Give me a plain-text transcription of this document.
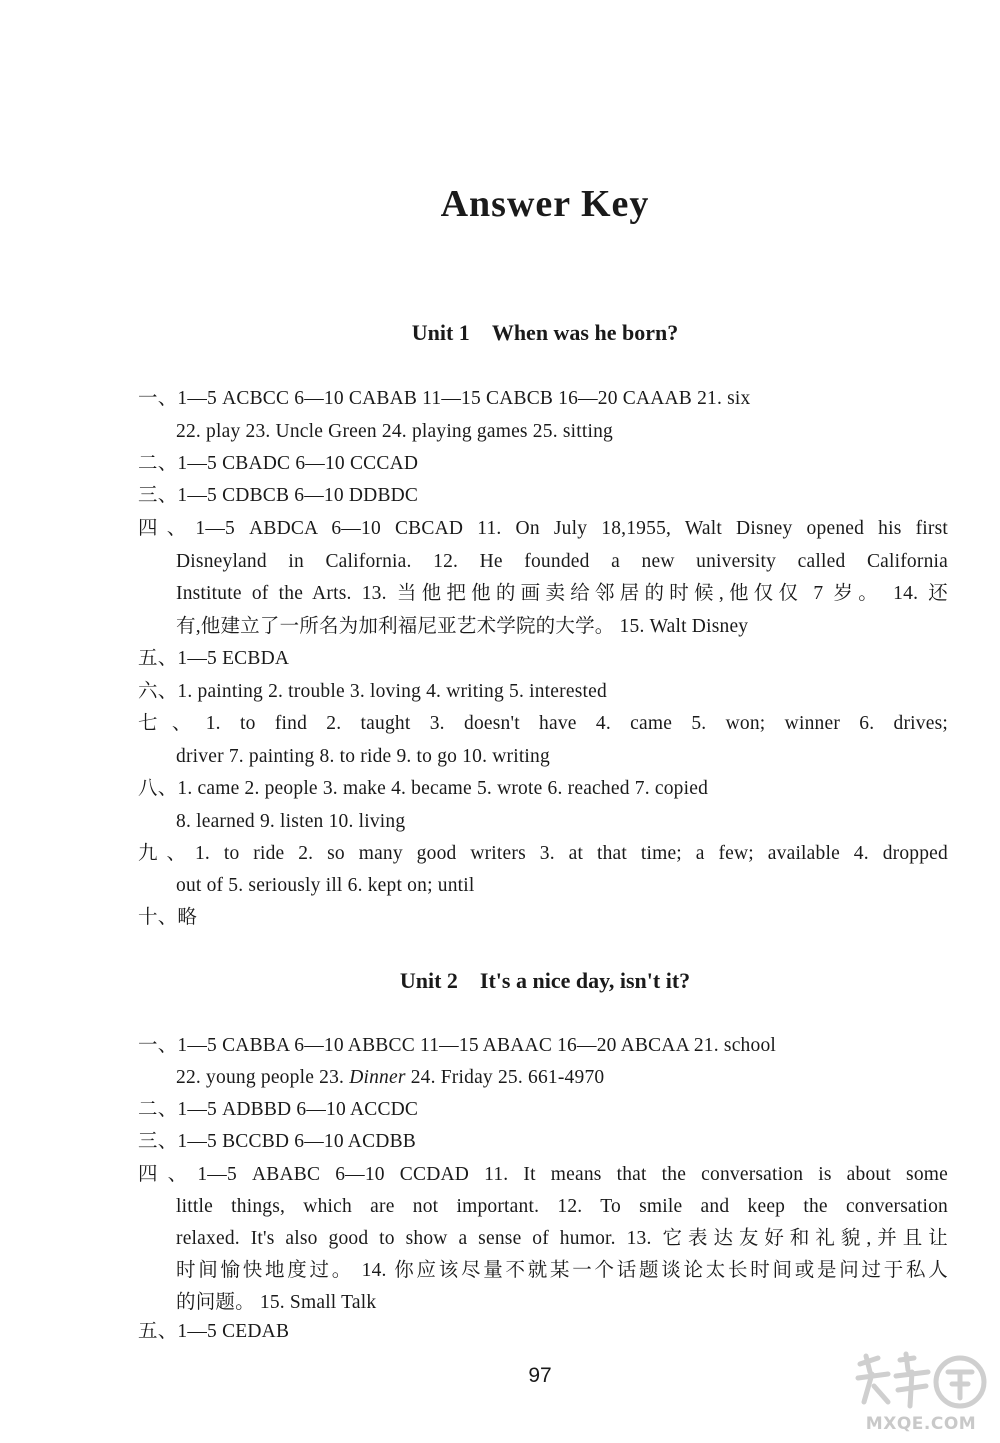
Answer Key
Unit 1 When was he born?
一、1—5 ACBCC 6—10 CABAB 11—15 CABCB 16—20 CAAAB 21. six
22. play 23. Uncle Green 24. playing games 25. sitting
二、1—5 CBADC 6—10 CCCAD
三、1—5 CDBCB 6—10 DDBDC
四、1—5 ABDCA 6—10 CBCAD 11. On July 18,1955, Walt Disney opened his first
Disneyland in California. 12. He founded a new university called California
Institute of the Arts. 13. 当他把他的画卖给邻居的时候,他仅仅 7 岁。 14. 还
有,他建立了一所名为加利福尼亚艺术学院的大学。 15. Walt Disney
五、1—5 ECBDA
六、1. painting 2. trouble 3. loving 4. writing 5. interested
七、1. to find 2. taught 3. doesn't have 4. came 5. won; winner 6. drives;
driver 7. painting 8. to ride 9. to go 10. writing
八、1. came 2. people 3. make 4. became 5. wrote 6. reached 7. copied
8. learned 9. listen 10. living
九、1. to ride 2. so many good writers 3. at that time; a few; available 4. dropped
out of 5. seriously ill 6. kept on; until
十、略
Unit 2 It's a nice day, isn't it?
一、1—5 CABBA 6—10 ABBCC 11—15 ABAAC 16—20 ABCAA 21. school
22. young people 23. Dinner 24. Friday 25. 661-4970
二、1—5 ADBBD 6—10 ACCDC
三、1—5 BCCBD 6—10 ACDBB
四、1—5 ABABC 6—10 CCDAD 11. It means that the conversation is about some
little things, which are not important. 12. To smile and keep the conversation
relaxed. It's also good to show a sense of humor. 13. 它表达友好和礼貌,并且让
时间愉快地度过。 14. 你应该尽量不就某一个话题谈论太长时间或是问过于私人
的问题。 15. Small Talk
五、1—5 CEDAB
97
MXQE.COM
